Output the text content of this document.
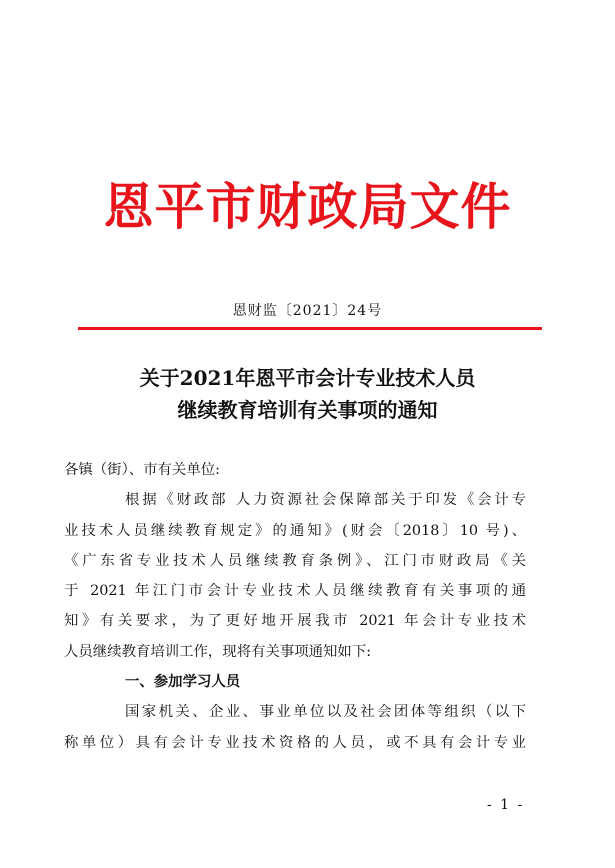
恩平市财政局文件
恩财监〔2021〕24号
关于2021年恩平市会计专业技术人员
继续教育培训有关事项的通知
各镇（街）、市有关单位:
根据《财政部 人力资源社会保障部关于印发《会计专
业技术人员继续教育规定》的通知》(财会〔2018〕10 号)、
《广东省专业技术人员继续教育条例》、江门市财政局《关
于 2021 年江门市会计专业技术人员继续教育有关事项的通
知》有关要求，为了更好地开展我市 2021 年会计专业技术
人员继续教育培训工作，现将有关事项通知如下:
一、参加学习人员
国家机关、企业、事业单位以及社会团体等组织（以下
称单位）具有会计专业技术资格的人员，或不具有会计专业
- 1 -
